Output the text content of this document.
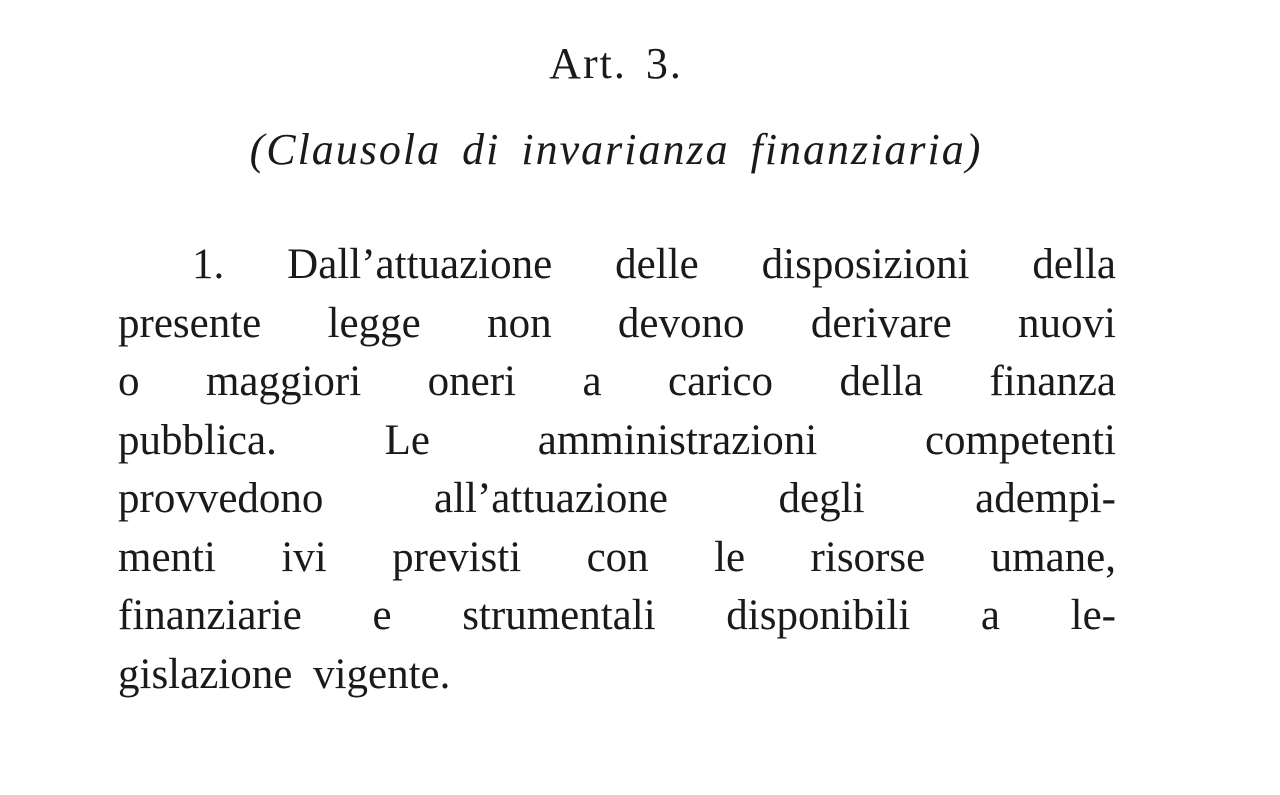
Art. 3.
(Clausola di invarianza finanziaria)

1. Dall’attuazione delle disposizioni della
presente legge non devono derivare nuovi
o maggiori oneri a carico della finanza
pubblica. Le amministrazioni competenti
provvedono all’attuazione degli adempi-
menti ivi previsti con le risorse umane,
finanziarie e strumentali disponibili a le-
gislazione vigente.
